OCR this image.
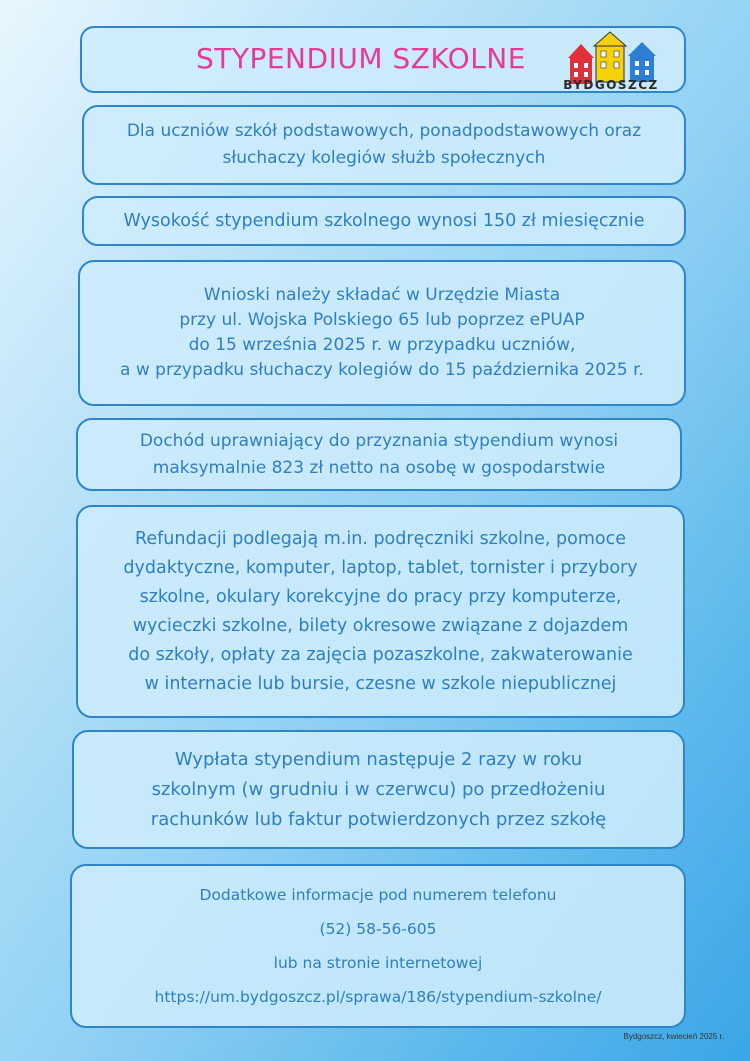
STYPENDIUM SZKOLNE
BYDGOSZCZ
Dla uczniów szkół podstawowych, ponadpodstawowych oraz
słuchaczy kolegiów służb społecznych
Wysokość stypendium szkolnego wynosi 150 zł miesięcznie
Wnioski należy składać w Urzędzie Miasta
przy ul. Wojska Polskiego 65 lub poprzez ePUAP
do 15 września 2025 r. w przypadku uczniów,
a w przypadku słuchaczy kolegiów do 15 października 2025 r.
Dochód uprawniający do przyznania stypendium wynosi
maksymalnie 823 zł netto na osobę w gospodarstwie
Refundacji podlegają m.in. podręczniki szkolne, pomoce
dydaktyczne, komputer, laptop, tablet, tornister i przybory
szkolne, okulary korekcyjne do pracy przy komputerze,
wycieczki szkolne, bilety okresowe związane z dojazdem
do szkoły, opłaty za zajęcia pozaszkolne, zakwaterowanie
w internacie lub bursie, czesne w szkole niepublicznej
Wypłata stypendium następuje 2 razy w roku
szkolnym (w grudniu i w czerwcu) po przedłożeniu
rachunków lub faktur potwierdzonych przez szkołę
Dodatkowe informacje pod numerem telefonu
(52) 58-56-605
lub na stronie internetowej
https://um.bydgoszcz.pl/sprawa/186/stypendium-szkolne/
Bydgoszcz, kwiecień 2025 r.
